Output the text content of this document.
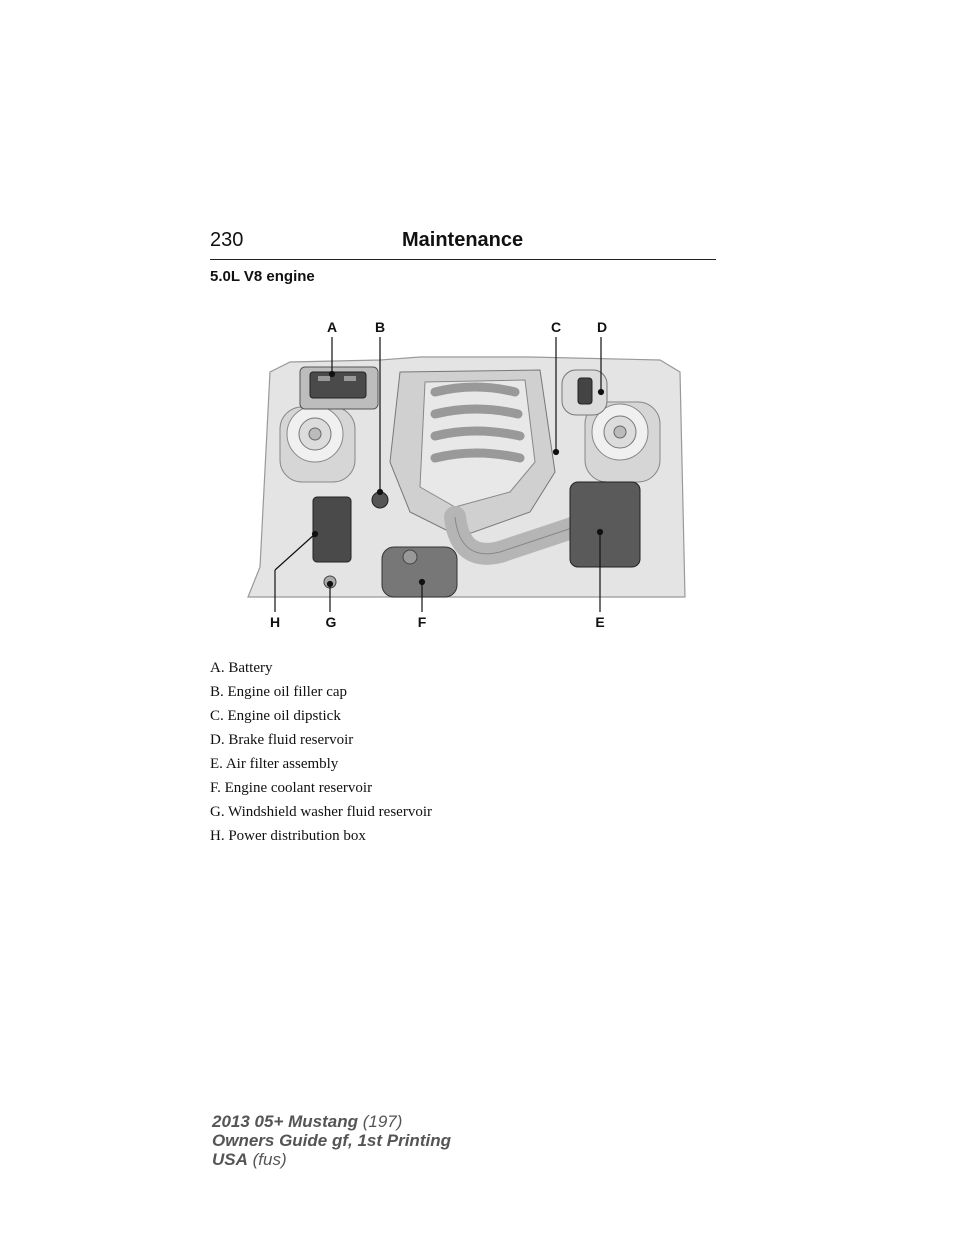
230	Maintenance
5.0L V8 engine
A	B	C	D
E
F
G
H
A. Battery
B. Engine oil filler cap
C. Engine oil dipstick
D. Brake fluid reservoir
E. Air filter assembly
F. Engine coolant reservoir
G. Windshield washer fluid reservoir
H. Power distribution box
2013 05+ Mustang (197)
Owners Guide gf, 1st Printing
USA (fus)
